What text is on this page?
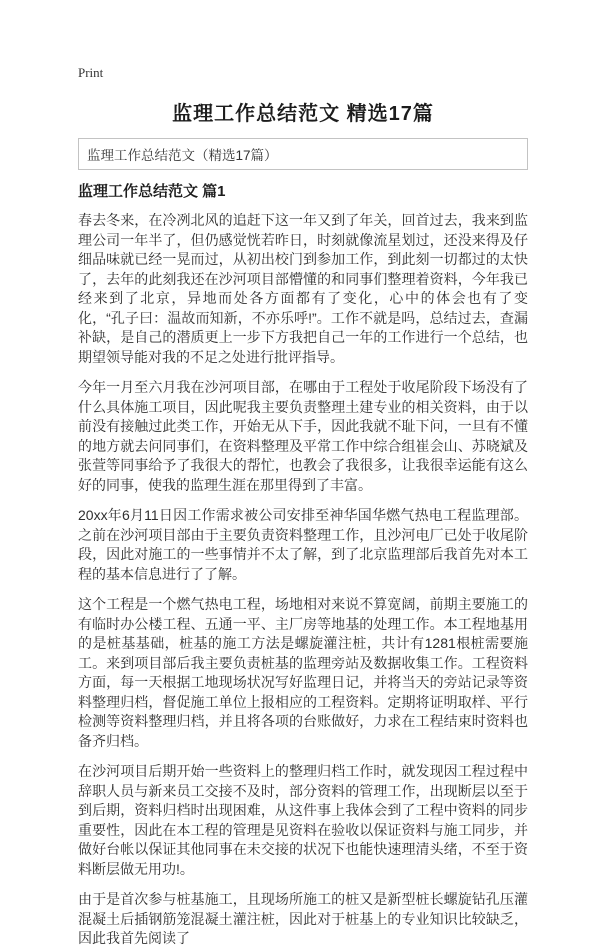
Print
监理工作总结范文 精选17篇
监理工作总结范文（精选17篇）
监理工作总结范文 篇1

春去冬来，在冷冽北风的追赶下这一年又到了年关，回首过去，我来到监理公司一年半了，但仍感觉恍若昨日，时刻就像流星划过，还没来得及仔细品味就已经一晃而过，从初出校门到参加工作，到此刻一切都过的太快了，去年的此刻我还在沙河项目部懵懂的和同事们整理着资料，今年我已经来到了北京，异地而处各方面都有了变化，心中的体会也有了变化，“孔子曰：温故而知新，不亦乐呼!”。工作不就是吗，总结过去，查漏补缺，是自己的潜质更上一步下方我把自己一年的工作进行一个总结，也期望领导能对我的不足之处进行批评指导。

今年一月至六月我在沙河项目部，在哪由于工程处于收尾阶段下场没有了什么具体施工项目，因此呢我主要负责整理土建专业的相关资料，由于以前没有接触过此类工作，开始无从下手，因此我就不耻下问，一旦有不懂的地方就去问同事们，在资料整理及平常工作中综合组崔会山、苏晓斌及张萱等同事给予了我很大的帮忙，也教会了我很多，让我很幸运能有这么好的同事，使我的监理生涯在那里得到了丰富。

20xx年6月11日因工作需求被公司安排至神华国华燃气热电工程监理部。之前在沙河项目部由于主要负责资料整理工作，且沙河电厂已处于收尾阶段，因此对施工的一些事情并不太了解，到了北京监理部后我首先对本工程的基本信息进行了了解。

这个工程是一个燃气热电工程，场地相对来说不算宽阔，前期主要施工的有临时办公楼工程、五通一平、主厂房等地基的处理工作。本工程地基用的是桩基基础，桩基的施工方法是螺旋灌注桩，共计有1281根桩需要施工。来到项目部后我主要负责桩基的监理旁站及数据收集工作。工程资料方面，每一天根据工地现场状况写好监理日记，并将当天的旁站记录等资料整理归档，督促施工单位上报相应的工程资料。定期将证明取样、平行检测等资料整理归档，并且将各项的台账做好，力求在工程结束时资料也备齐归档。

在沙河项目后期开始一些资料上的整理归档工作时，就发现因工程过程中辞职人员与新来员工交接不及时，部分资料的管理工作，出现断层以至于到后期，资料归档时出现困难，从这件事上我体会到了工程中资料的同步重要性，因此在本工程的管理是见资料在验收以保证资料与施工同步，并做好台帐以保证其他同事在未交接的状况下也能快速理清头绪，不至于资料断层做无用功!。

由于是首次参与桩基施工，且现场所施工的桩又是新型桩长螺旋钻孔压灌混凝土后插钢筋笼混凝土灌注桩，因此对于桩基上的专业知识比较缺乏，因此我首先阅读了
